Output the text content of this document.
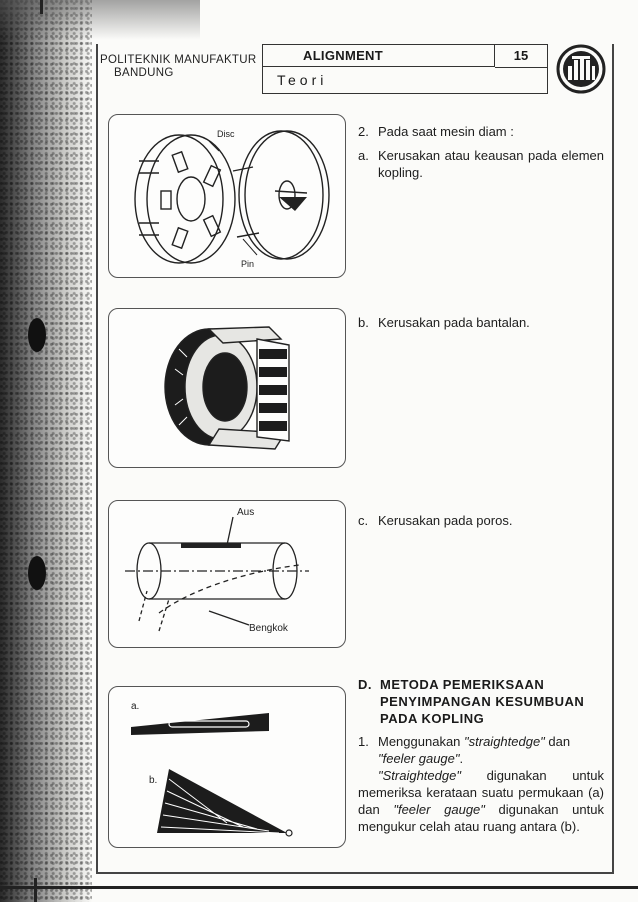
POLITEKNIK MANUFAKTUR
BANDUNG
ALIGNMENT	15
Teori
Disc
Pin
Aus
Bengkok
a.
b.
2. Pada saat mesin diam :
a. Kerusakan atau keausan pada elemen kopling.
b. Kerusakan pada bantalan.
c. Kerusakan pada poros.
D. METODA PEMERIKSAAN PENYIMPANGAN KESUMBUAN PADA KOPLING
1. Menggunakan "straightedge" dan "feeler gauge".
"Straightedge" digunakan untuk memeriksa kerataan suatu permukaan (a) dan "feeler gauge" digunakan untuk mengukur celah atau ruang antara (b).
